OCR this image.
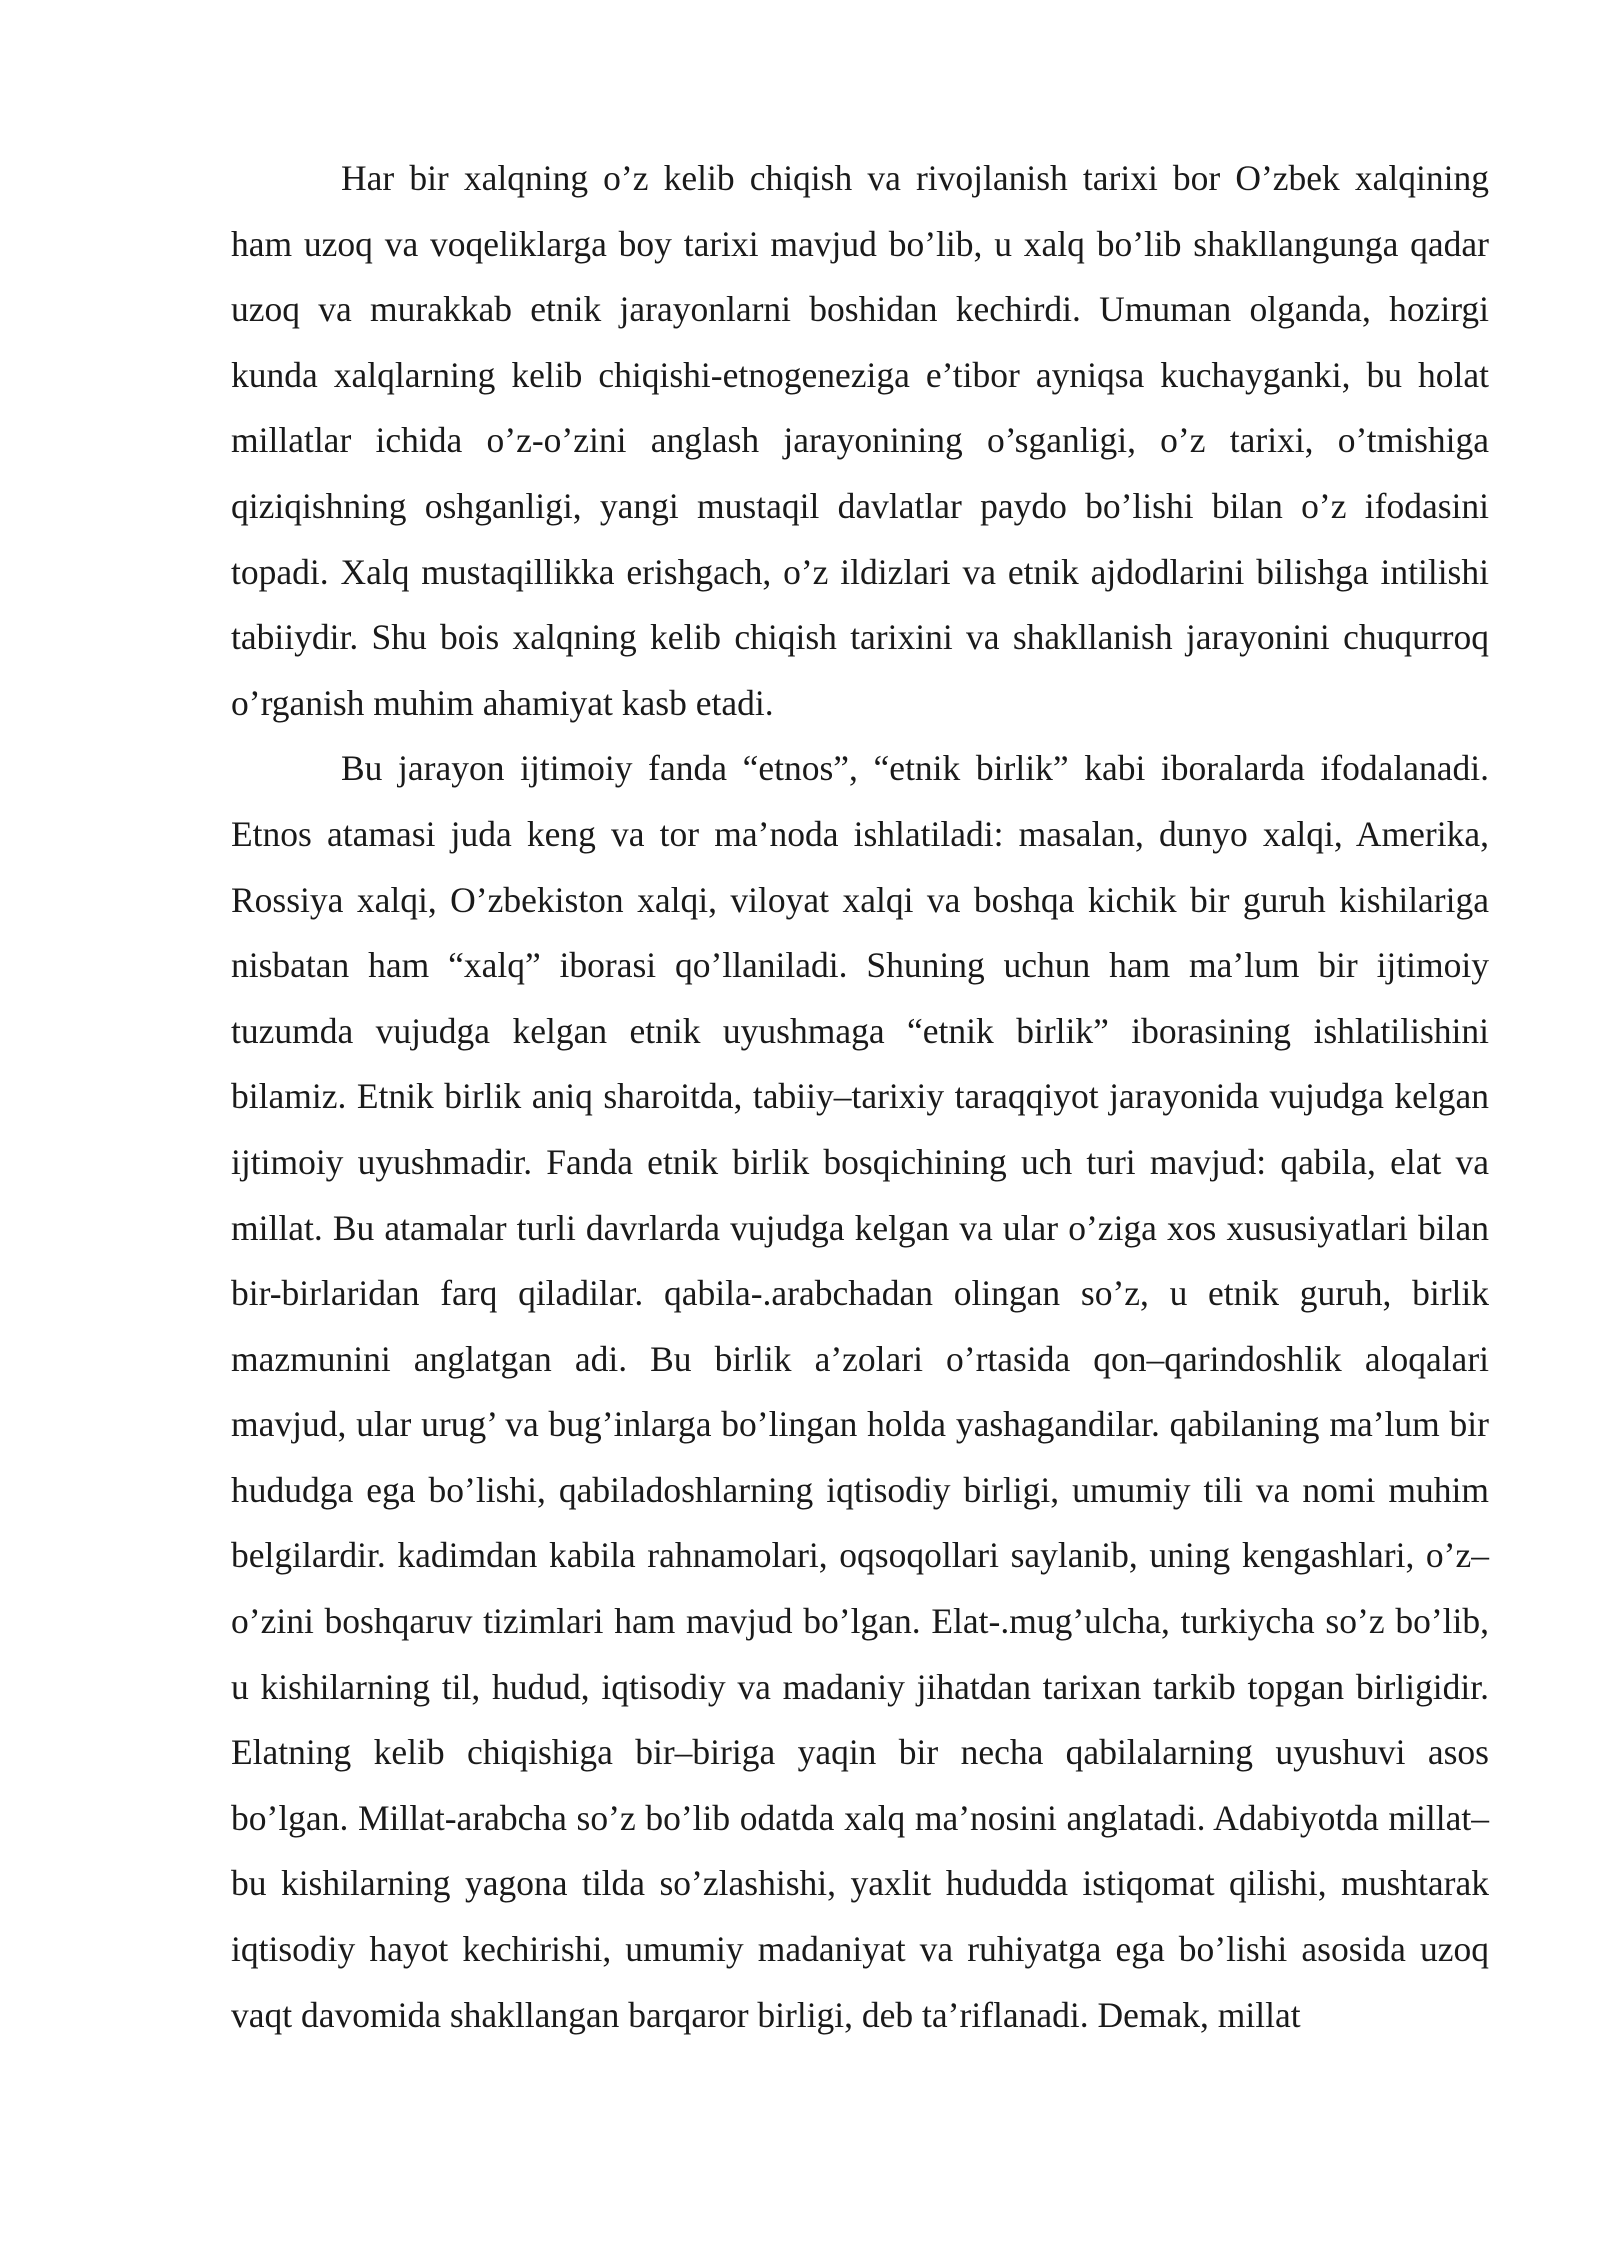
Har bir xalqning o’z kelib chiqish va rivojlanish tarixi bor O’zbek xalqining ham uzoq va voqeliklarga boy tarixi mavjud bo’lib, u xalq bo’lib shakllangunga qadar uzoq va murakkab etnik jarayonlarni boshidan kechirdi. Umuman olganda, hozirgi kunda xalqlarning kelib chiqishi-etnogeneziga e’tibor ayniqsa kuchayganki, bu holat millatlar ichida o’z-o’zini anglash jarayonining o’sganligi, o’z tarixi, o’tmishiga qiziqishning oshganligi, yangi mustaqil davlatlar paydo bo’lishi bilan o’z ifodasini topadi. Xalq mustaqillikka erishgach, o’z ildizlari va etnik ajdodlarini bilishga intilishi tabiiydir. Shu bois xalqning kelib chiqish tarixini va shakllanish jarayonini chuqurroq o’rganish muhim ahamiyat kasb etadi.

Bu jarayon ijtimoiy fanda “etnos”, “etnik birlik” kabi iboralarda ifodalanadi. Etnos atamasi juda keng va tor ma’noda ishlatiladi: masalan, dunyo xalqi, Amerika, Rossiya xalqi, O’zbekiston xalqi, viloyat xalqi va boshqa kichik bir guruh kishilariga nisbatan ham “xalq” iborasi qo’llaniladi. Shuning uchun ham ma’lum bir ijtimoiy tuzumda vujudga kelgan etnik uyushmaga “etnik birlik” iborasining ishlatilishini bilamiz. Etnik birlik aniq sharoitda, tabiiy–tarixiy taraqqiyot jarayonida vujudga kelgan ijtimoiy uyushmadir. Fanda etnik birlik bosqichining uch turi mavjud: qabila, elat va millat. Bu atamalar turli davrlarda vujudga kelgan va ular o’ziga xos xususiyatlari bilan bir-birlaridan farq qiladilar. qabila-.arabchadan olingan so’z, u etnik guruh, birlik mazmunini anglatgan adi. Bu birlik a’zolari o’rtasida qon–qarindoshlik aloqalari mavjud, ular urug’ va bug’inlarga bo’lingan holda yashagandilar. qabilaning ma’lum bir hududga ega bo’lishi, qabiladoshlarning iqtisodiy birligi, umumiy tili va nomi muhim belgilardir. kadimdan kabila rahnamolari, oqsoqollari saylanib, uning kengashlari, o’z–o’zini boshqaruv tizimlari ham mavjud bo’lgan. Elat-.mug’ulcha, turkiycha so’z bo’lib, u kishilarning til, hudud, iqtisodiy va madaniy jihatdan tarixan tarkib topgan birligidir. Elatning kelib chiqishiga bir–biriga yaqin bir necha qabilalarning uyushuvi asos bo’lgan. Millat-arabcha so’z bo’lib odatda xalq ma’nosini anglatadi. Adabiyotda millat–bu kishilarning yagona tilda so’zlashishi, yaxlit hududda istiqomat qilishi, mushtarak iqtisodiy hayot kechirishi, umumiy madaniyat va ruhiyatga ega bo’lishi asosida uzoq vaqt davomida shakllangan barqaror birligi, deb ta’riflanadi. Demak, millat
